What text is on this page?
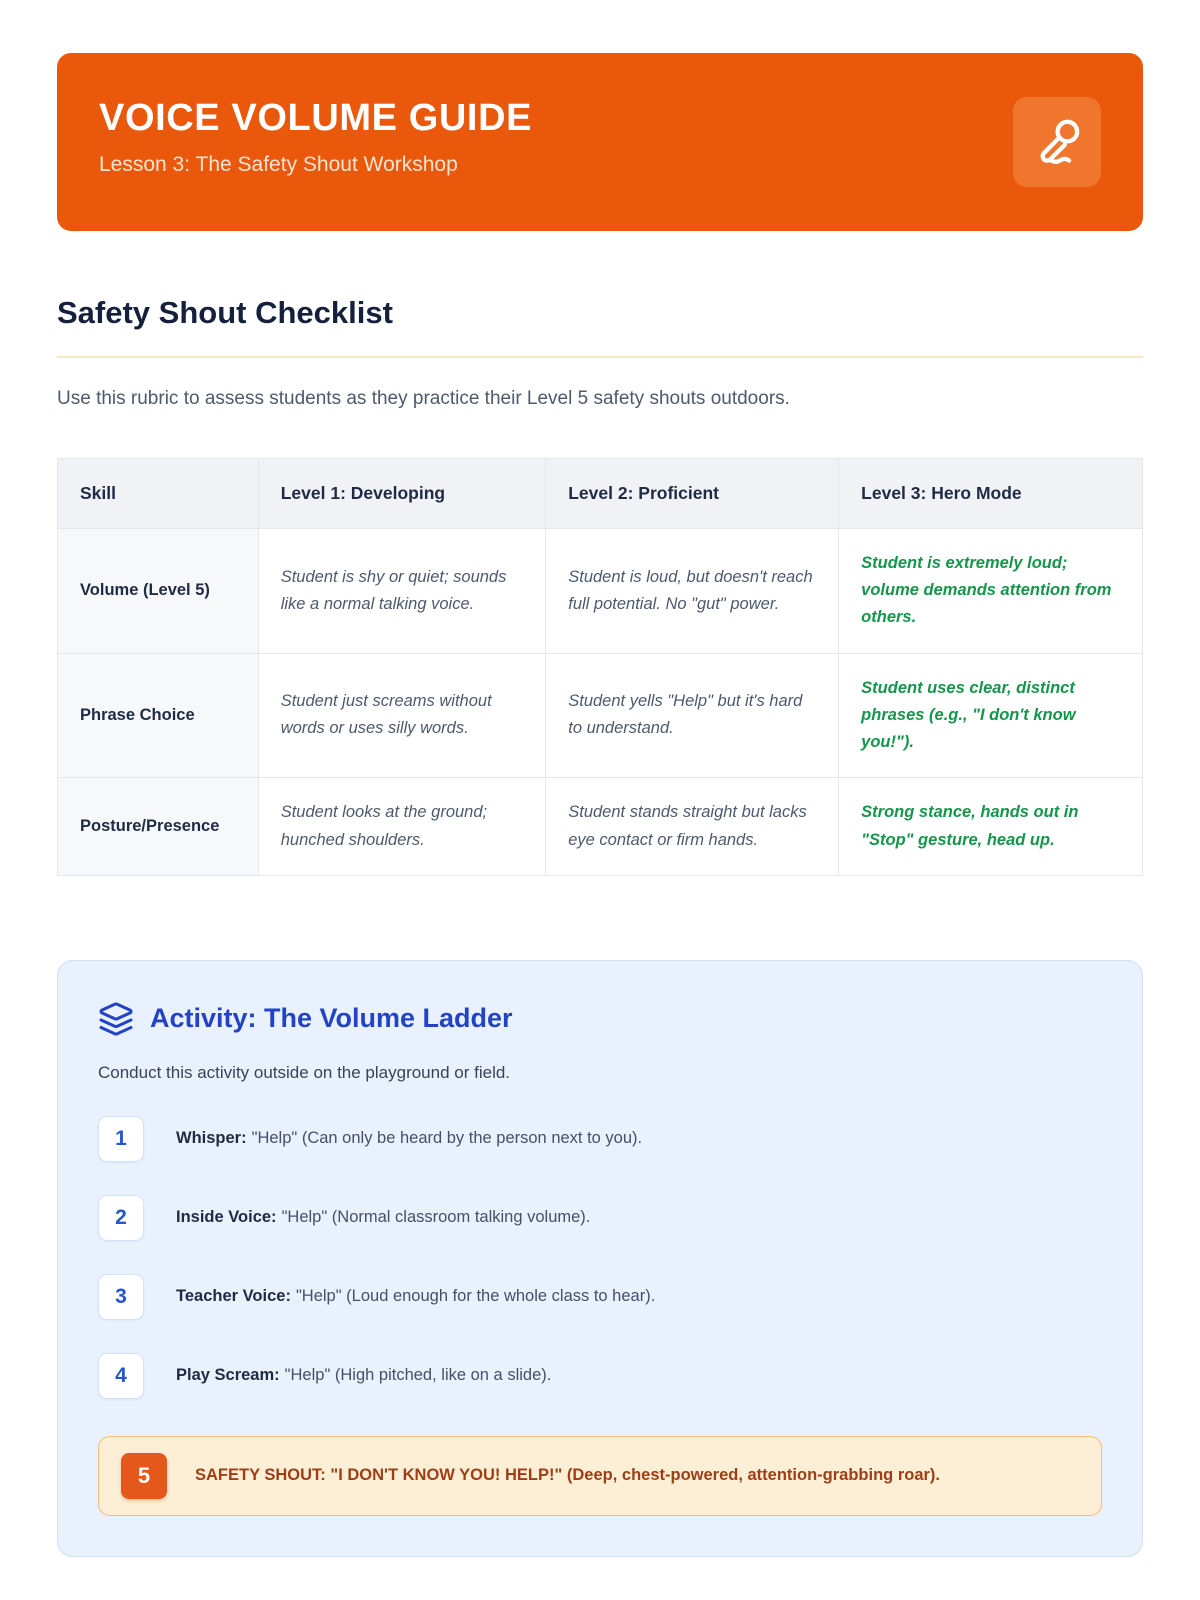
VOICE VOLUME GUIDE
Lesson 3: The Safety Shout Workshop
Safety Shout Checklist

Use this rubric to assess students as they practice their Level 5 safety shouts outdoors.

Skill	Level 1: Developing	Level 2: Proficient	Level 3: Hero Mode
Volume (Level 5)	Student is shy or quiet; sounds like a normal talking voice.	Student is loud, but doesn't reach full potential. No "gut" power.	Student is extremely loud; volume demands attention from others.
Phrase Choice	Student just screams without words or uses silly words.	Student yells "Help" but it's hard to understand.	Student uses clear, distinct phrases (e.g., "I don't know you!").
Posture/Presence	Student looks at the ground; hunched shoulders.	Student stands straight but lacks eye contact or firm hands.	Strong stance, hands out in "Stop" gesture, head up.
Activity: The Volume Ladder

Conduct this activity outside on the playground or field.

1	Whisper: "Help" (Can only be heard by the person next to you).
2	Inside Voice: "Help" (Normal classroom talking volume).
3	Teacher Voice: "Help" (Loud enough for the whole class to hear).
4	Play Scream: "Help" (High pitched, like on a slide).
5	SAFETY SHOUT: "I DON'T KNOW YOU! HELP!" (Deep, chest-powered, attention-grabbing roar).
